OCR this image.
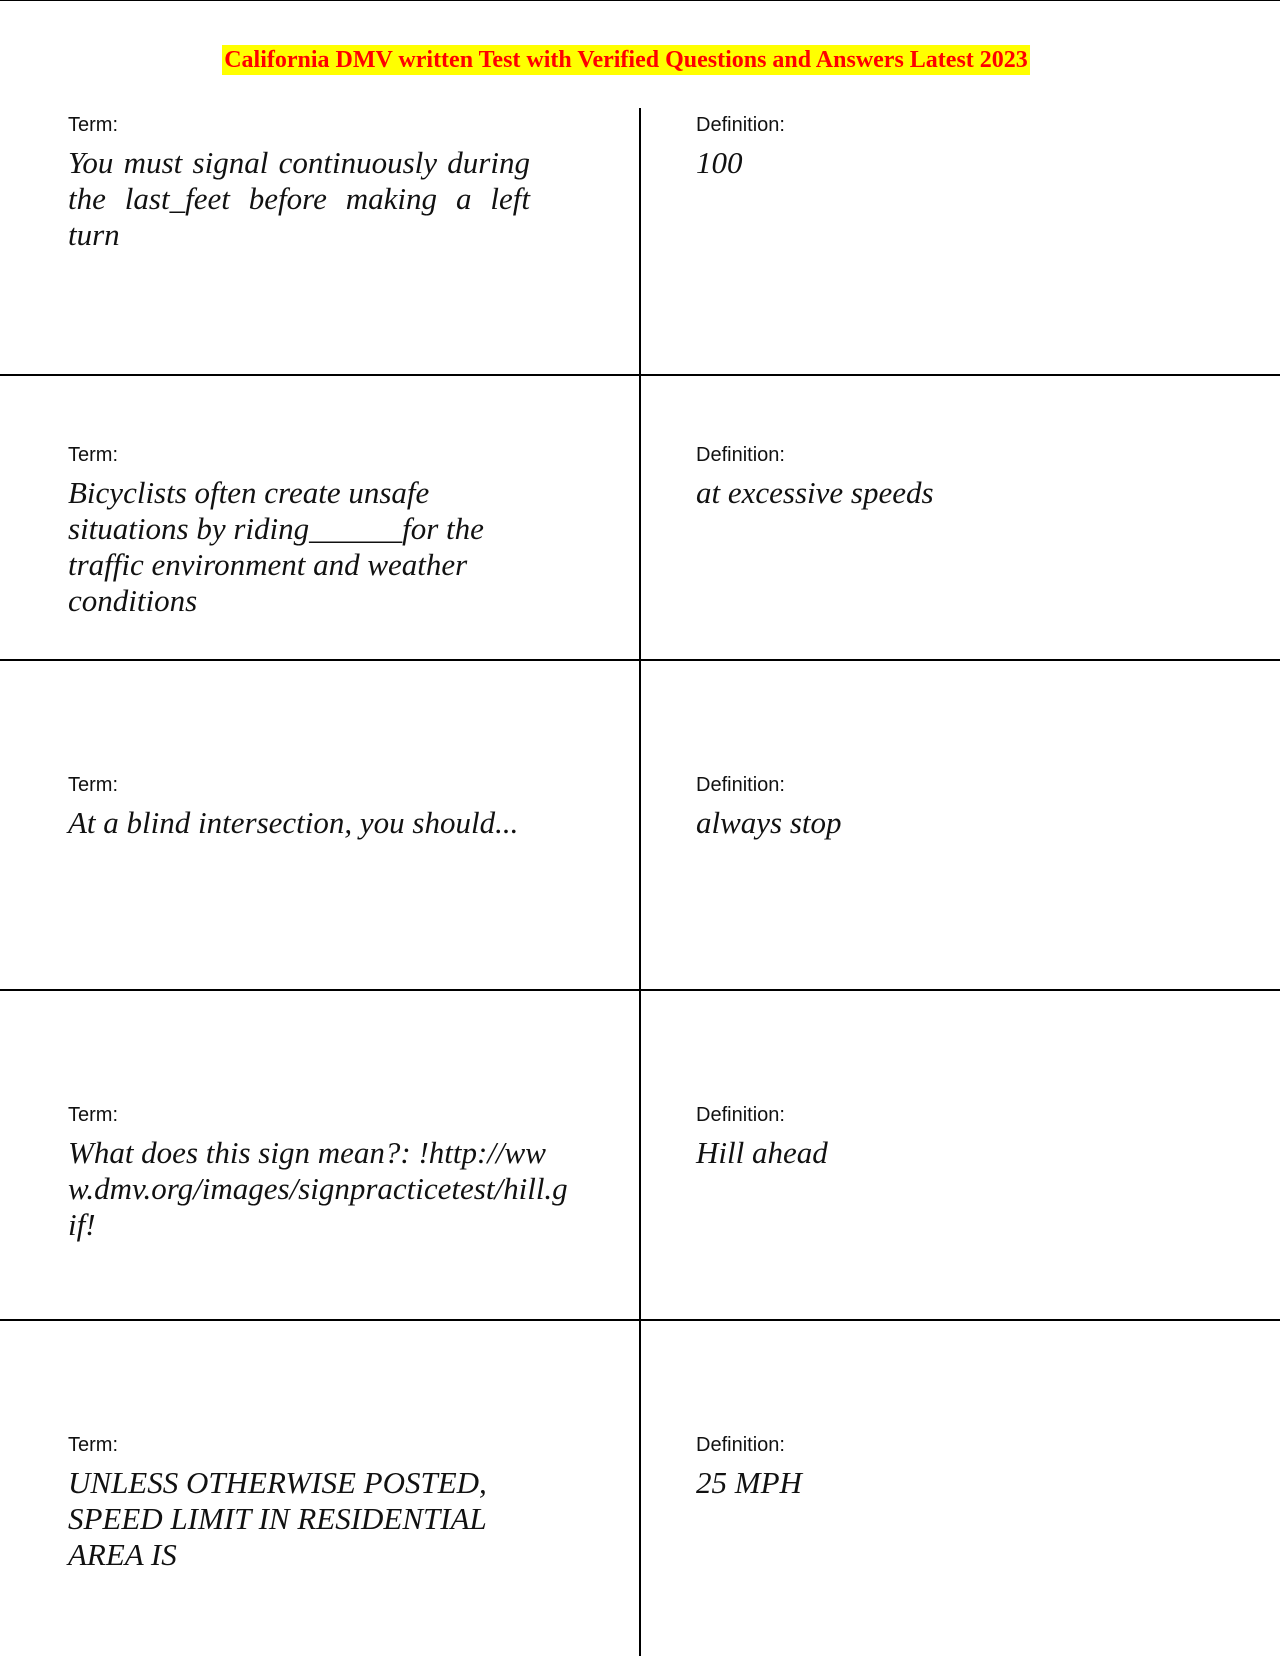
California DMV written Test with Verified Questions and Answers Latest 2023
Term:
You must signal continuously during the last_feet before making a left turn
Definition:
100
Term:
Bicyclists often create unsafe situations by riding______for the traffic environment and weather conditions
Definition:
at excessive speeds
Term:
At a blind intersection, you should...
Definition:
always stop
Term:
What does this sign mean?: !http://www.dmv.org/images/signpracticetest/hill.gif!
Definition:
Hill ahead
Term:
UNLESS OTHERWISE POSTED, SPEED LIMIT IN RESIDENTIAL AREA IS
Definition:
25 MPH
